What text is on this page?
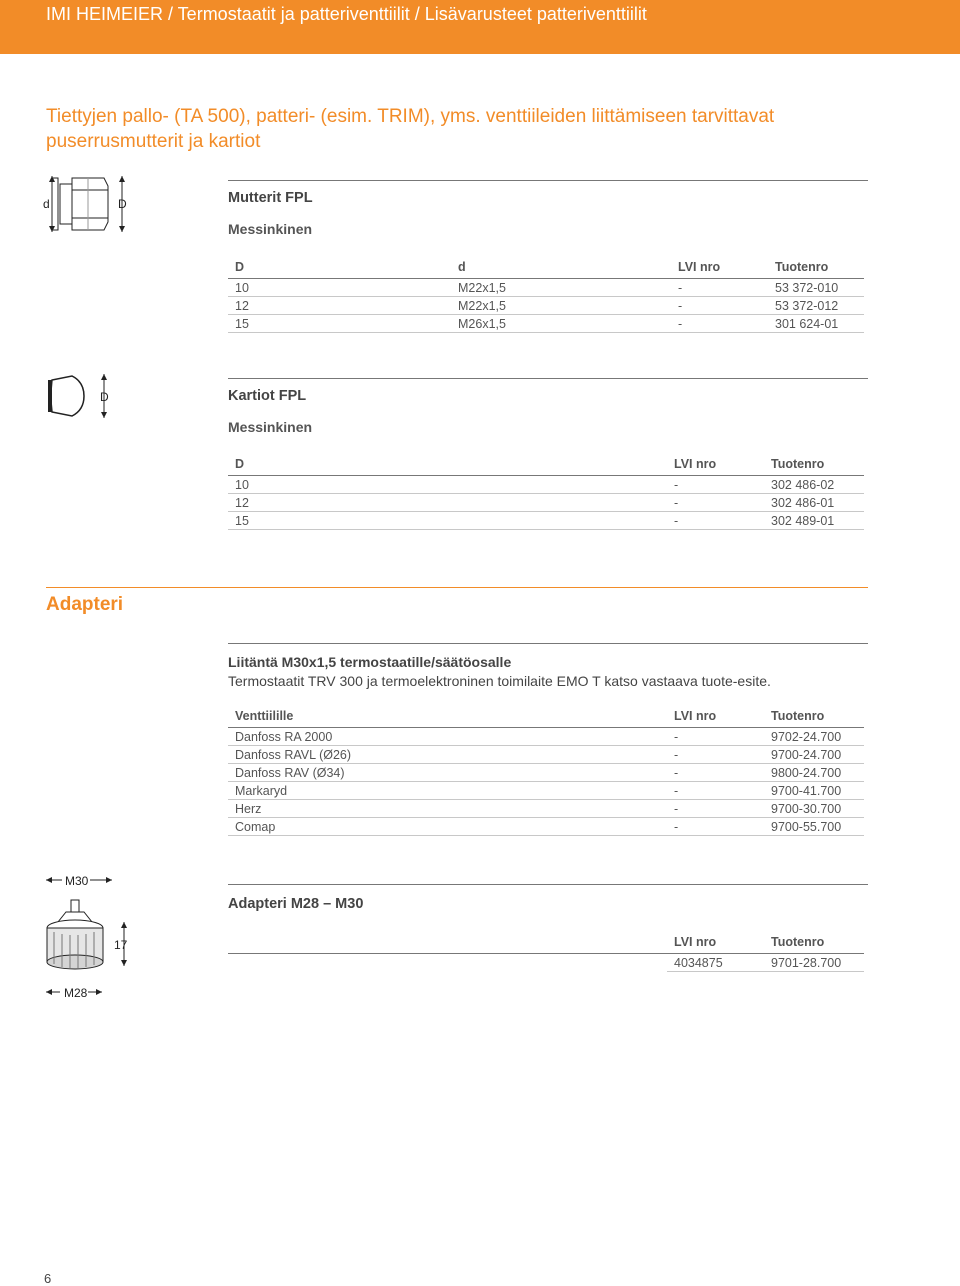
IMI HEIMEIER / Termostaatit ja patteriventtiilit / Lisävarusteet patteriventtiilit
Tiettyjen pallo- (TA 500), patteri- (esim. TRIM), yms. venttiileiden liittämiseen tarvittavat puserrusmutterit ja kartiot
d	D	Mutterit FPL
Messinkinen
D	d	LVI nro	Tuotenro
10	M22x1,5	-	53 372-010
12	M22x1,5	-	53 372-012
15	M26x1,5	-	301 624-01
D	Kartiot FPL
Messinkinen
D	LVI nro	Tuotenro
10	-	302 486-02
12	-	302 486-01
15	-	302 489-01
Adapteri
Liitäntä M30x1,5 termostaatille/säätöosalle
Termostaatit TRV 300 ja termoelektroninen toimilaite EMO T katso vastaava tuote-esite.
Venttiilille	LVI nro	Tuotenro
Danfoss RA 2000	-	9702-24.700
Danfoss RAVL (Ø26)	-	9700-24.700
Danfoss RAV (Ø34)	-	9800-24.700
Markaryd	-	9700-41.700
Herz	-	9700-30.700
Comap	-	9700-55.700
M30
17
M28
Adapteri M28 – M30
	LVI nro	Tuotenro
	4034875	9701-28.700
6
